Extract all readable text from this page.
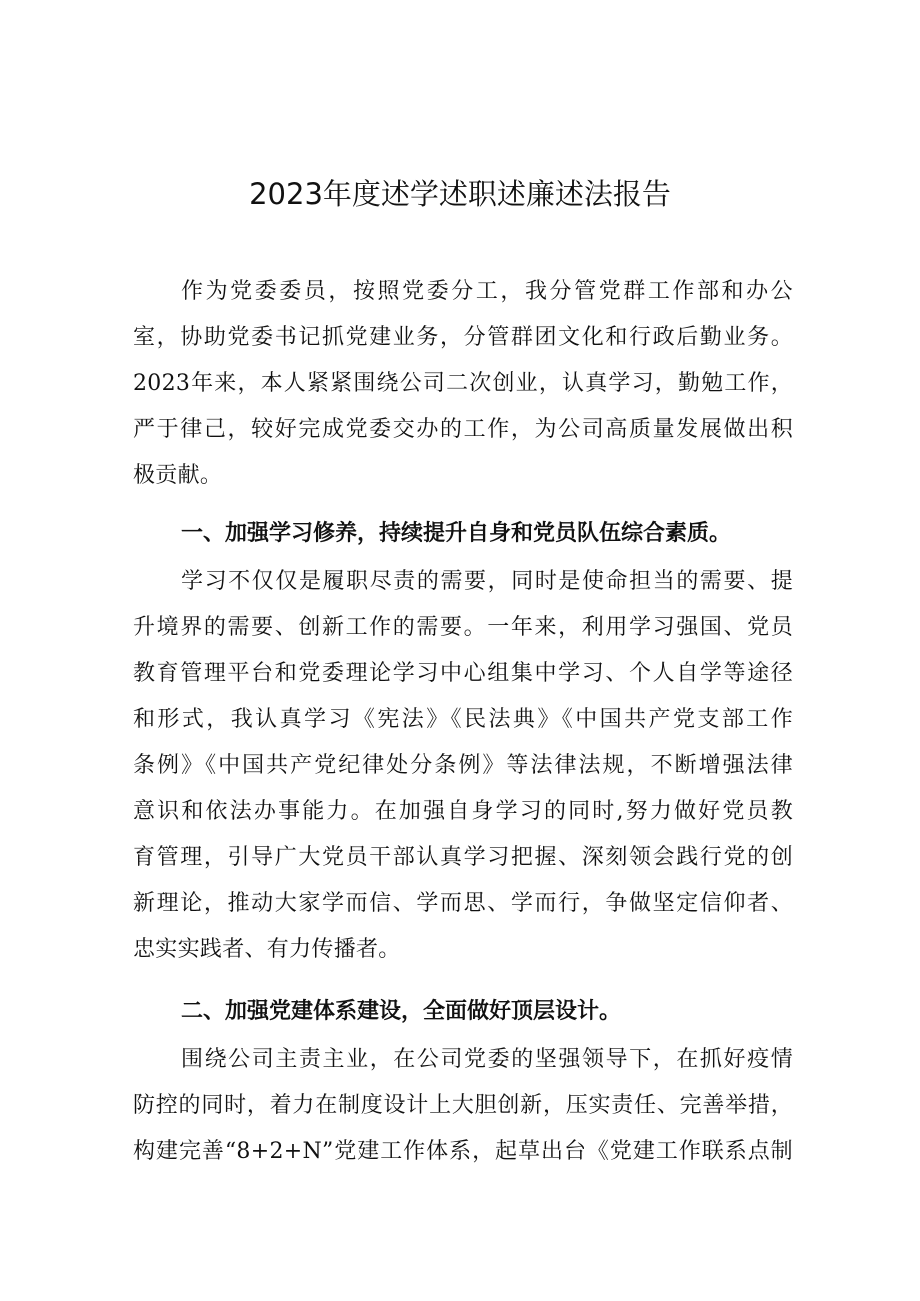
2023年度述学述职述廉述法报告

作为党委委员，按照党委分工，我分管党群工作部和办公

室，协助党委书记抓党建业务，分管群团文化和行政后勤业务。

2023年来，本人紧紧围绕公司二次创业，认真学习，勤勉工作，

严于律己，较好完成党委交办的工作，为公司高质量发展做出积

极贡献。

一、加强学习修养，持续提升自身和党员队伍综合素质。

学习不仅仅是履职尽责的需要，同时是使命担当的需要、提

升境界的需要、创新工作的需要。一年来，利用学习强国、党员

教育管理平台和党委理论学习中心组集中学习、个人自学等途径

和形式，我认真学习《宪法》《民法典》《中国共产党支部工作

条例》《中国共产党纪律处分条例》等法律法规，不断增强法律

意识和依法办事能力。在加强自身学习的同时,努力做好党员教

育管理，引导广大党员干部认真学习把握、深刻领会践行党的创

新理论，推动大家学而信、学而思、学而行，争做坚定信仰者、

忠实实践者、有力传播者。

二、加强党建体系建设，全面做好顶层设计。

围绕公司主责主业，在公司党委的坚强领导下，在抓好疫情

防控的同时，着力在制度设计上大胆创新，压实责任、完善举措，

构建完善“8+2+N”党建工作体系，起草出台《党建工作联系点制
